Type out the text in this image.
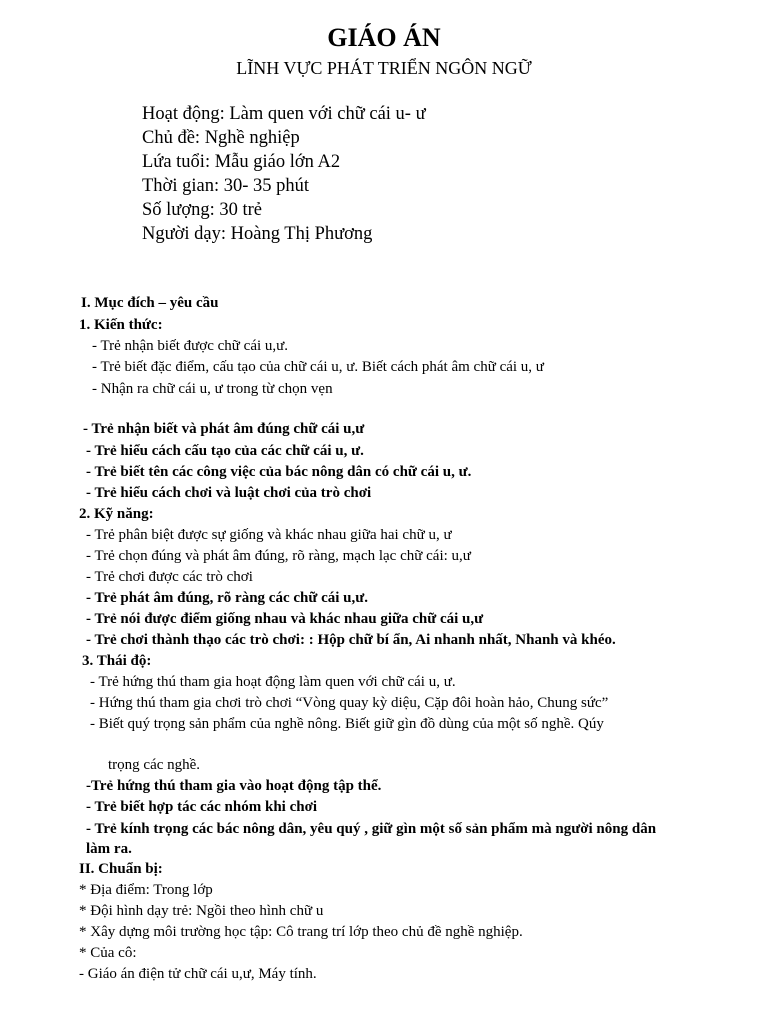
GIÁO ÁN
LĨNH VỰC PHÁT TRIỂN NGÔN NGỮ
Hoạt động: Làm quen với chữ cái u- ư
Chủ đề: Nghề nghiệp
Lứa tuổi: Mẫu giáo lớn A2
Thời gian: 30- 35 phút
Số lượng: 30 trẻ
Người dạy: Hoàng Thị Phương
I. Mục đích – yêu cầu
1. Kiến thức:
- Trẻ nhận biết được chữ cái u,ư.
- Trẻ biết đặc điểm, cấu tạo của chữ cái u, ư. Biết cách phát âm chữ cái u, ư
- Nhận ra chữ cái u, ư trong từ chọn vẹn
- Trẻ nhận biết và phát âm đúng chữ cái u,ư
- Trẻ hiểu cách cấu tạo của các chữ cái u, ư.
- Trẻ biết tên các công việc của bác nông dân có chữ cái u, ư.
- Trẻ hiểu cách chơi và luật chơi của trò chơi
2. Kỹ năng:
- Trẻ phân biệt được sự giống và khác nhau giữa hai chữ u, ư
- Trẻ chọn đúng và phát âm đúng, rõ ràng, mạch lạc chữ cái: u,ư
- Trẻ chơi được các trò chơi
- Trẻ phát âm đúng, rõ ràng các chữ cái u,ư.
- Trẻ nói được điểm giống nhau và khác nhau giữa chữ cái u,ư
- Trẻ chơi thành thạo các trò chơi: : Hộp chữ bí ẩn, Ai nhanh nhất, Nhanh và khéo.
3. Thái độ:
- Trẻ hứng thú tham gia hoạt động làm quen với chữ cái u, ư.
- Hứng thú tham gia chơi trò chơi “Vòng quay kỳ diệu, Cặp đôi hoàn hảo, Chung sức”
- Biết quý trọng sản phẩm của nghề nông. Biết giữ gìn đồ dùng của một số nghề. Qúy
trọng các nghề.
-Trẻ hứng thú tham gia vào hoạt động tập thể.
- Trẻ biết hợp tác các nhóm khi chơi
- Trẻ kính trọng các bác nông dân, yêu quý , giữ gìn một số sản phẩm mà người nông dân
làm ra.
II. Chuẩn bị:
* Địa điểm: Trong lớp
* Đội hình dạy trẻ: Ngồi theo hình chữ u
* Xây dựng môi trường học tập: Cô trang trí lớp theo chủ đề nghề nghiệp.
* Của cô:
- Giáo án điện tử chữ cái u,ư, Máy tính.
